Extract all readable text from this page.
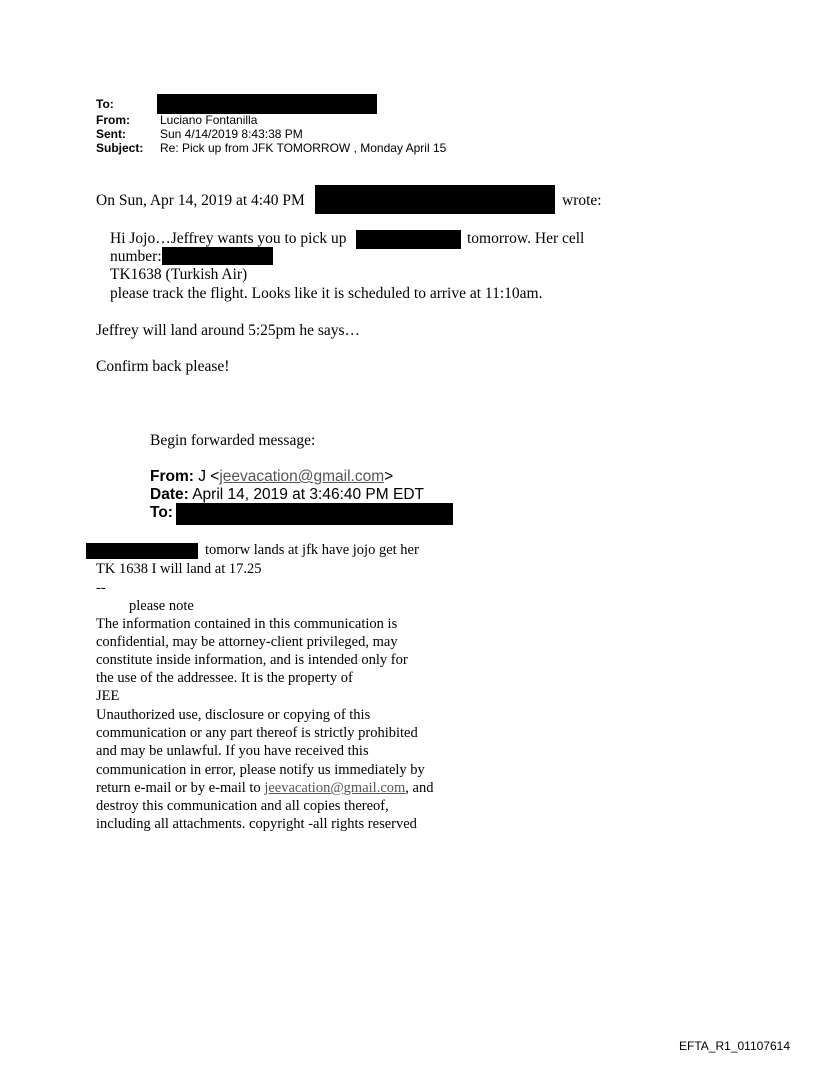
To:
From:	Luciano Fontanilla
Sent:	Sun 4/14/2019 8:43:38 PM
Subject: Re: Pick up from JFK TOMORROW , Monday April 15
On Sun, Apr 14, 2019 at 4:40 PM	wrote:
Hi Jojo…Jeffrey wants you to pick up	tomorrow. Her cell
number:
TK1638 (Turkish Air)
please track the flight. Looks like it is scheduled to arrive at 11:10am.
Jeffrey will land around 5:25pm he says…
Confirm back please!
Begin forwarded message:
From: J <jeevacation@gmail.com>
Date: April 14, 2019 at 3:46:40 PM EDT
To:
tomorw lands at jfk have jojo get her
TK 1638 I will land at 17.25
--
please note
The information contained in this communication is
confidential, may be attorney-client privileged, may
constitute inside information, and is intended only for
the use of the addressee. It is the property of
JEE
Unauthorized use, disclosure or copying of this
communication or any part thereof is strictly prohibited
and may be unlawful. If you have received this
communication in error, please notify us immediately by
return e-mail or by e-mail to jeevacation@gmail.com, and
destroy this communication and all copies thereof,
including all attachments. copyright -all rights reserved
EFTA_R1_01107614
